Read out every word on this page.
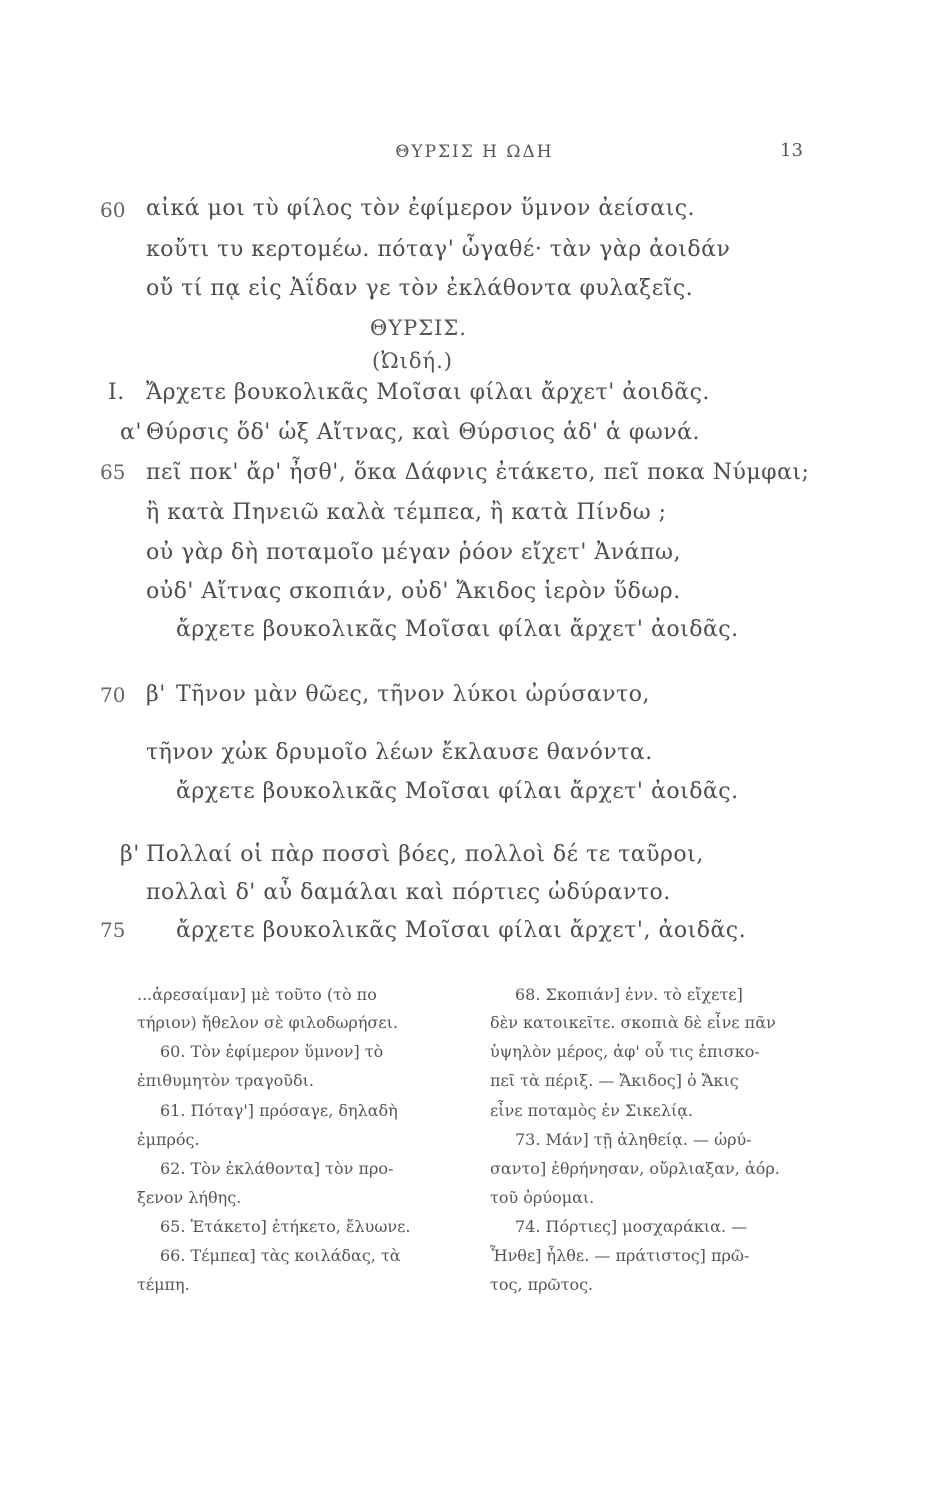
ΘΥΡΣΙΣ Η ΩΔΗ	13
60
65
70
75
I.
α'
β'
β'
αἰκά μοι τὺ φίλος τὸν ἐφίμερον ὕμνον ἀείσαις.
κοὔτι τυ κερτομέω. πόταγ' ὦγαθέ· τὰν γὰρ ἀοιδάν
οὔ τί πᾳ εἰς Ἀΐδαν γε τὸν ἐκλάθοντα φυλαξεῖς.
ΘΥΡΣΙΣ.
(Ὠιδή.)
Ἄρχετε βουκολικᾶς Μοῖσαι φίλαι ἄρχετ' ἀοιδᾶς.
Θύρσις ὅδ' ὡξ Αἴτνας, καὶ Θύρσιος ἁδ' ἁ φωνά.
πεῖ ποκ' ἄρ' ἦσθ', ὅκα Δάφνις ἐτάκετο, πεῖ ποκα Νύμφαι;
ἢ κατὰ Πηνειῶ καλὰ τέμπεα, ἢ κατὰ Πίνδω ;
οὐ γὰρ δὴ ποταμοῖο μέγαν ῥόον εἴχετ' Ἀνάπω,
οὐδ' Αἴτνας σκοπιάν, οὐδ' Ἄκιδος ἱερὸν ὕδωρ.
ἄρχετε βουκολικᾶς Μοῖσαι φίλαι ἄρχετ' ἀοιδᾶς.
Τῆνον μὰν θῶες, τῆνον λύκοι ὠρύσαντο,
τῆνον χὠκ δρυμοῖο λέων ἔκλαυσε θανόντα.
ἄρχετε βουκολικᾶς Μοῖσαι φίλαι ἄρχετ' ἀοιδᾶς.
Πολλαί οἱ πὰρ ποσσὶ βόες, πολλοὶ δέ τε ταῦροι,
πολλαὶ δ' αὖ δαμάλαι καὶ πόρτιες ὠδύραντο.
ἄρχετε βουκολικᾶς Μοῖσαι φίλαι ἄρχετ', ἀοιδᾶς.
...ἀρεσαίμαν] μὲ τοῦτο (τὸ πο
τήριον) ἤθελον σὲ φιλοδωρήσει.
60. Τὸν ἐφίμερον ὕμνον] τὸ
ἐπιθυμητὸν τραγοῦδι.
61. Πόταγ'] πρόσαγε, δηλαδὴ
ἐμπρός.
62. Τὸν ἐκλάθοντα] τὸν προ-
ξενον λήθης.
65. Ἐτάκετο] ἐτήκετο, ἔλυωνε.
66. Τέμπεα] τὰς κοιλάδας, τὰ
τέμπη.
68. Σκοπιάν] ἐνν. τὸ εἴχετε]
δὲν κατοικεῖτε. σκοπιὰ δὲ εἶνε πᾶν
ὑψηλὸν μέρος, ἀφ' οὗ τις ἐπισκο-
πεῖ τὰ πέριξ. — Ἄκιδος] ὁ Ἄκις
εἶνε ποταμὸς ἐν Σικελίᾳ.
73. Μάν] τῇ ἀληθείᾳ. — ὠρύ-
σαντο] ἐθρήνησαν, οὔρλιαξαν, ἀόρ.
τοῦ ὀρύομαι.
74. Πόρτιες] μοσχαράκια. —
Ἦνθε] ἦλθε. — πράτιστος] πρῶ-
τος, πρῶτος.
